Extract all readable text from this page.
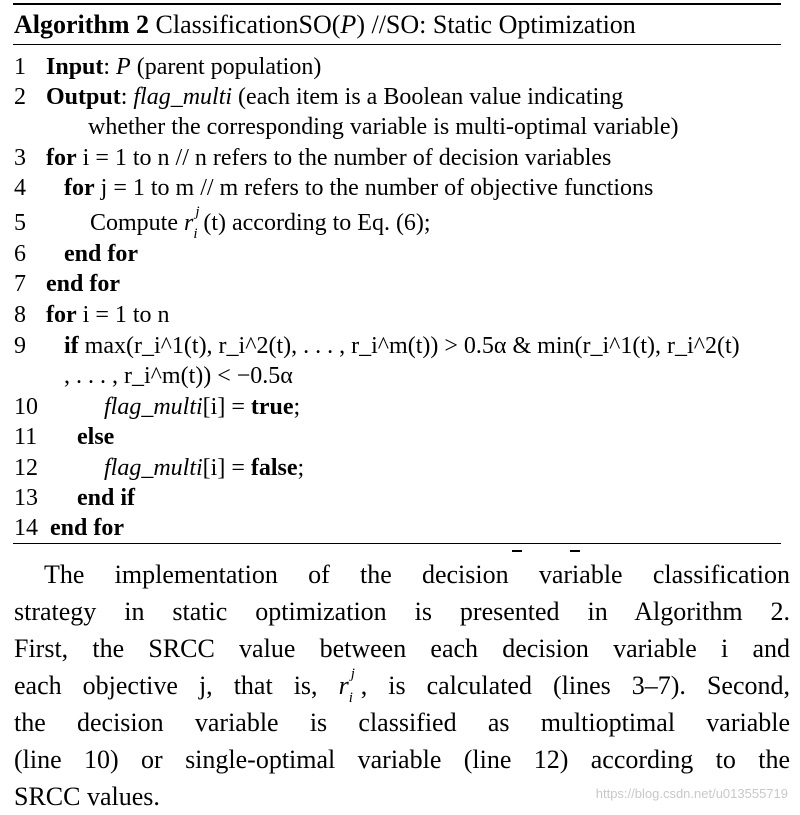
Algorithm 2 ClassificationSO(P) //SO: Static Optimization
1 Input: P (parent population)
2 Output: flag_multi (each item is a Boolean value indicating
whether the corresponding variable is multi-optimal variable)
3 for i = 1 to n // n refers to the number of decision variables
4 for j = 1 to m // m refers to the number of objective functions
5	Compute r j
i (t) according to Eq. (6);
6 end for
7 end for
8 for i = 1 to n
9 if max(r_i^1(t), r_i^2(t), . . . , r_i^m(t)) > 0.5α & min(r_i^1(t), r_i^2(t)
, . . . , r_i^m(t)) < −0.5α
10	flag_multi[i] = true;
11 else
12	flag_multi[i] = false;
13 end if
14 end for
The implementation of the decision variable classification
strategy in static optimization is presented in Algorithm 2.
First, the SRCC value between each decision variable i and
each objective j, that is, r j
i , is calculated (lines 3–7). Second,
the decision variable is classified as multioptimal variable
(line 10) or single-optimal variable (line 12) according to the
SRCC values.	https://blog.csdn.net/u013555719
